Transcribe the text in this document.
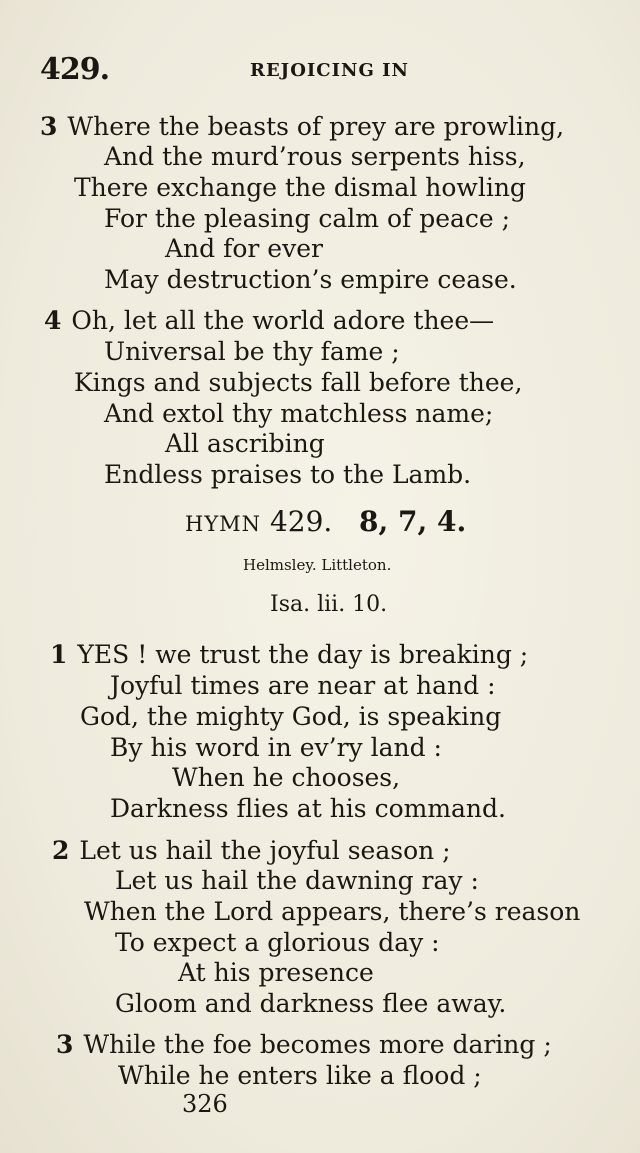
429.	REJOICING IN
3 Where the beasts of prey are prowling,
And the murd’rous serpents hiss,
There exchange the dismal howling
For the pleasing calm of peace ;
And for ever
May destruction’s empire cease.
4 Oh, let all the world adore thee—
Universal be thy fame ;
Kings and subjects fall before thee,
And extol thy matchless name;
All ascribing
Endless praises to the Lamb.
HYMN 429. 8, 7, 4.
Helmsley. Littleton.
Isa. lii. 10.
1 YES ! we trust the day is breaking ;
Joyful times are near at hand :
God, the mighty God, is speaking
By his word in ev’ry land :
When he chooses,
Darkness flies at his command.
2 Let us hail the joyful season ;
Let us hail the dawning ray :
When the Lord appears, there’s reason
To expect a glorious day :
At his presence
Gloom and darkness flee away.
3 While the foe becomes more daring ;
While he enters like a flood ;
326
